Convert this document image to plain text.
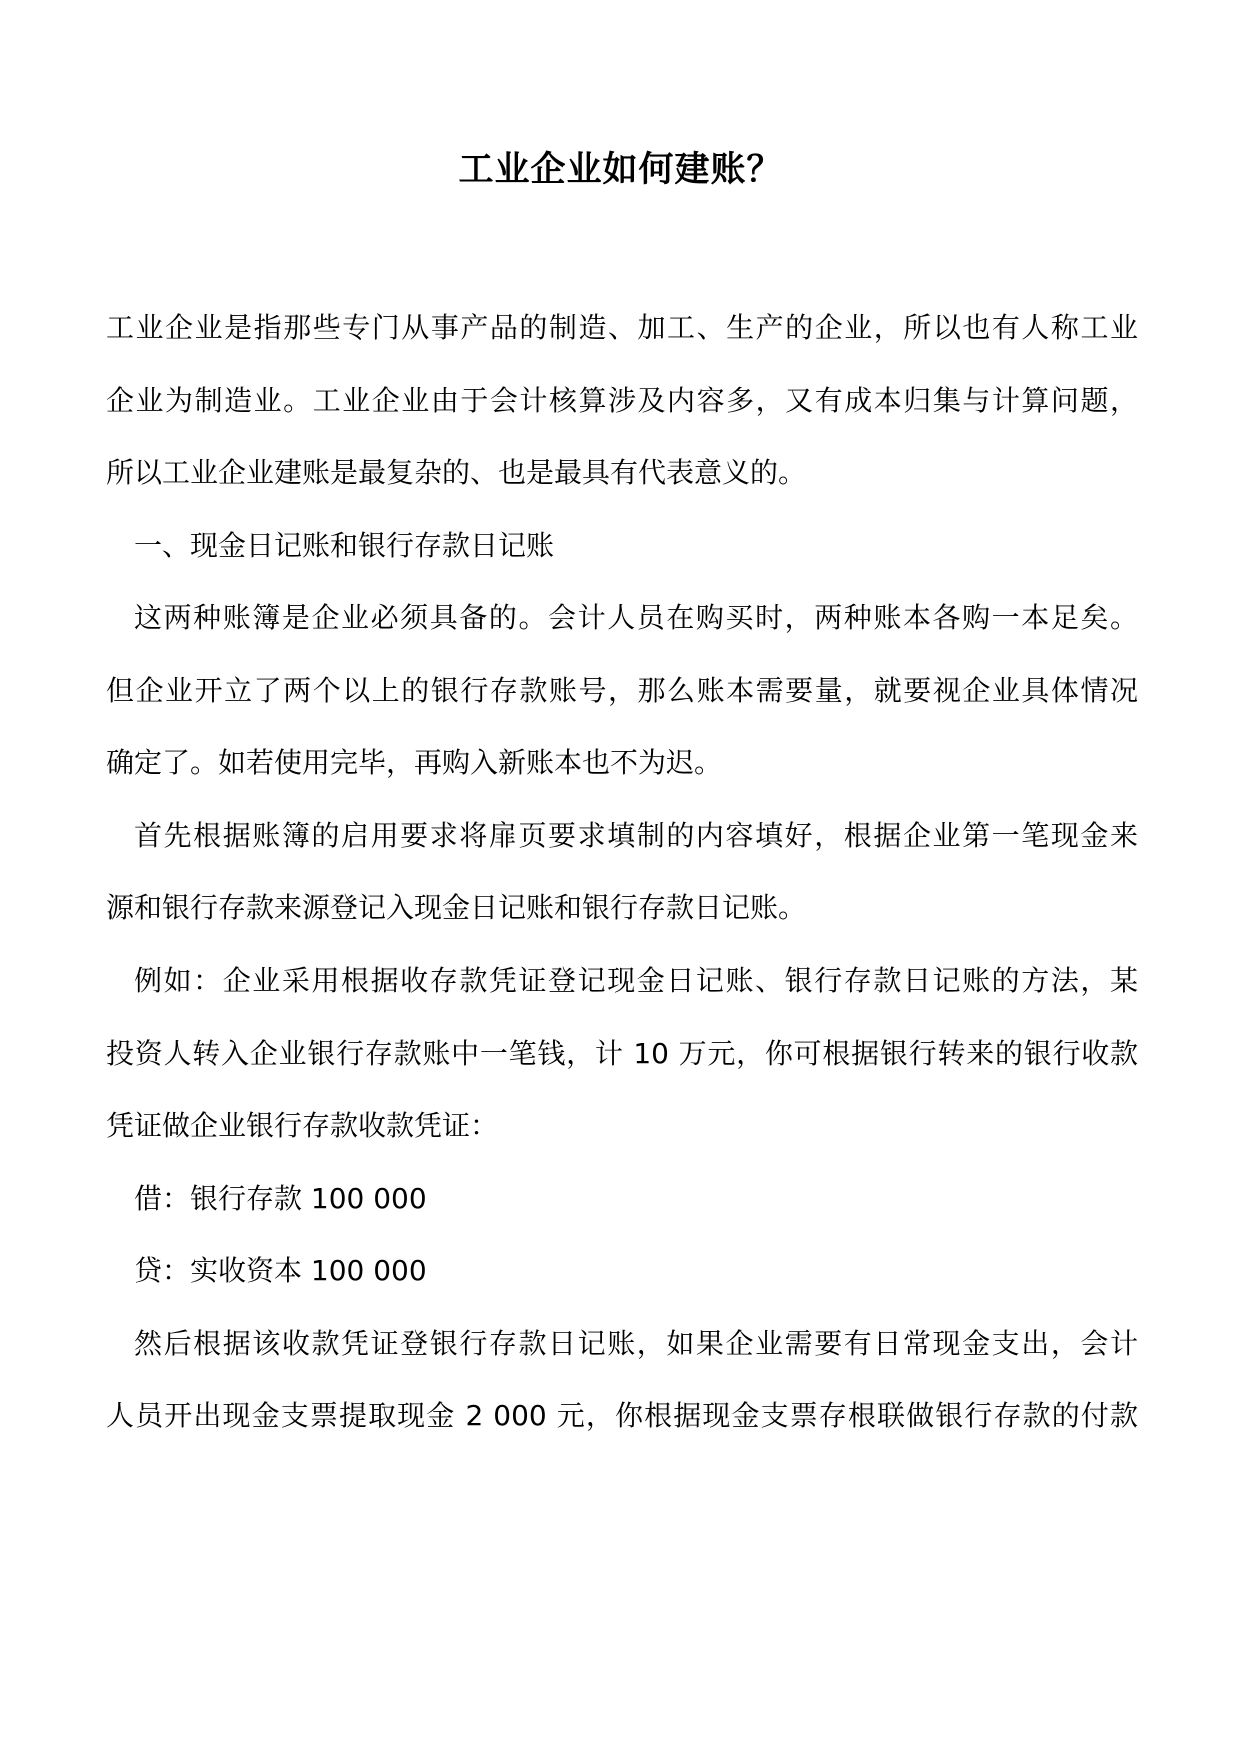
工业企业如何建账？
工业企业是指那些专门从事产品的制造、加工、生产的企业，所以也有人称工业
企业为制造业。工业企业由于会计核算涉及内容多，又有成本归集与计算问题，
所以工业企业建账是最复杂的、也是最具有代表意义的。
一、现金日记账和银行存款日记账
这两种账簿是企业必须具备的。会计人员在购买时，两种账本各购一本足矣。
但企业开立了两个以上的银行存款账号，那么账本需要量，就要视企业具体情况
确定了。如若使用完毕，再购入新账本也不为迟。
首先根据账簿的启用要求将扉页要求填制的内容填好，根据企业第一笔现金来
源和银行存款来源登记入现金日记账和银行存款日记账。
例如：企业采用根据收存款凭证登记现金日记账、银行存款日记账的方法，某
投资人转入企业银行存款账中一笔钱，计 10 万元，你可根据银行转来的银行收款
凭证做企业银行存款收款凭证：
借：银行存款 100 000
贷：实收资本 100 000
然后根据该收款凭证登银行存款日记账，如果企业需要有日常现金支出，会计
人员开出现金支票提取现金 2 000 元，你根据现金支票存根联做银行存款的付款
